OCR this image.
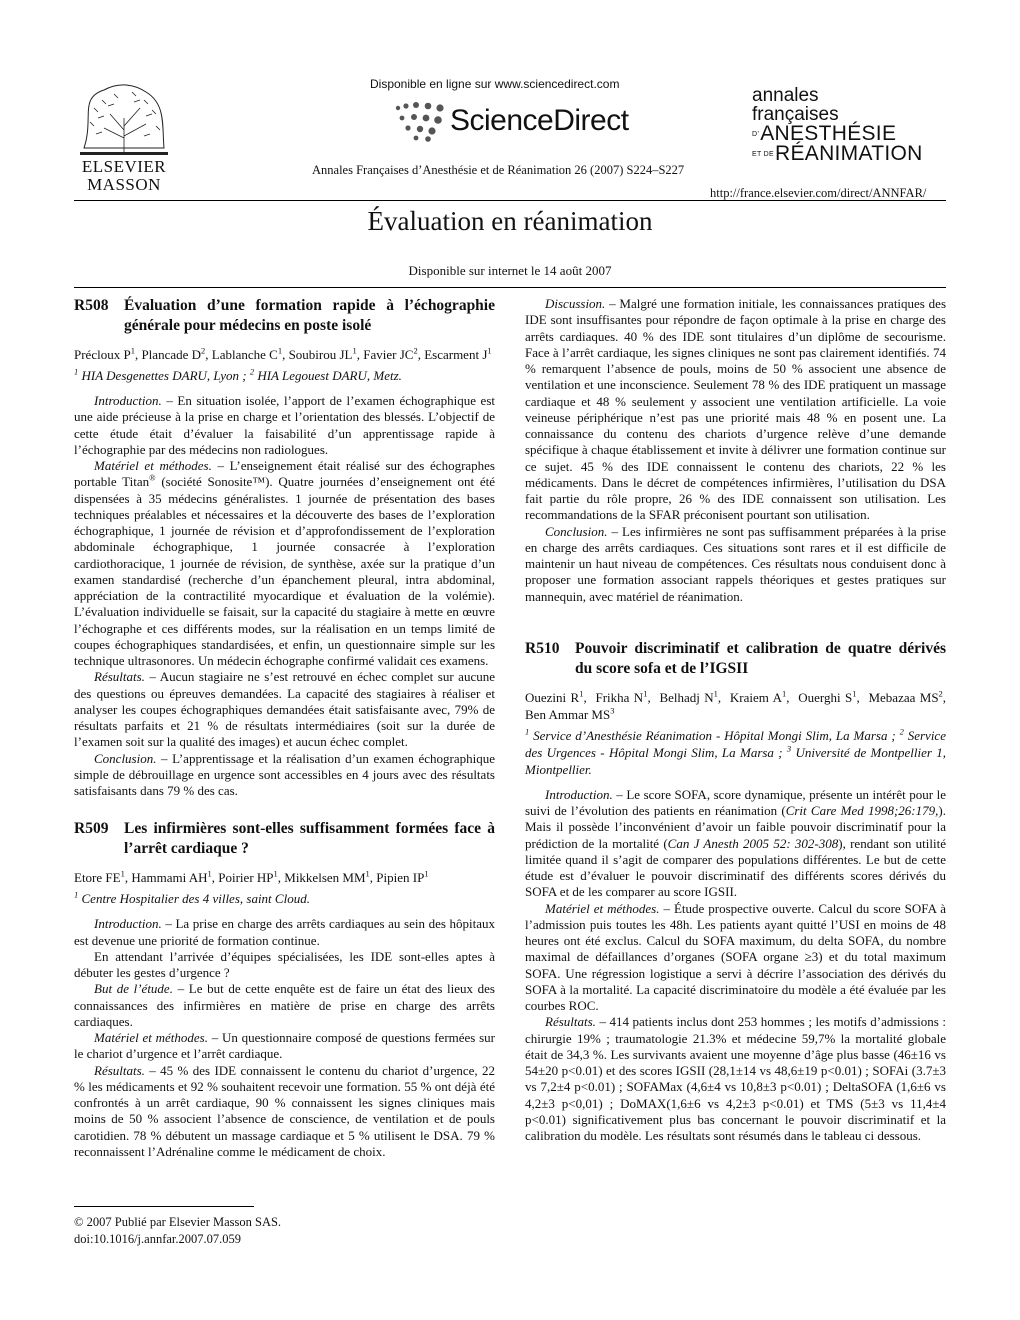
ELSEVIER
MASSON
Disponible en ligne sur www.sciencedirect.com
ScienceDirect
Annales Françaises d’Anesthésie et de Réanimation 26 (2007) S224–S227
annales
françaises
D’ANESTHÉSIE
ET DERÉANIMATION
http://france.elsevier.com/direct/ANNFAR/
Évaluation en réanimation
Disponible sur internet le 14 août 2007
R508	Évaluation d’une formation rapide à l’échographie générale pour médecins en poste isolé
Précloux $P^1$, Plancade $D^2$, Lablanche $C^1$, Soubirou $JL^1$, Favier $JC^2$, Escarment $J^1$
$^1$ HIA Desgenettes DARU, Lyon ; $^2$ HIA Legouest DARU, Metz.

Introduction. – En situation isolée, l’apport de l’examen échographique est une aide précieuse à la prise en charge et l’orientation des blessés. L’objectif de cette étude était d’évaluer la faisabilité d’un apprentissage rapide à l’échographie par des médecins non radiologues.

Matériel et méthodes. – L’enseignement était réalisé sur des échographes portable Titan® (société Sonosite™). Quatre journées d’enseignement ont été dispensées à 35 médecins généralistes. 1 journée de présentation des bases techniques préalables et nécessaires et la découverte des bases de l’exploration échographique, 1 journée de révision et d’approfondissement de l’exploration abdominale échographique, 1 journée consacrée à l’exploration cardiothoracique, 1 journée de révision, de synthèse, axée sur la pratique d’un examen standardisé (recherche d’un épanchement pleural, intra abdominal, appréciation de la contractilité myocardique et évaluation de la volémie). L’évaluation individuelle se faisait, sur la capacité du stagiaire à mette en œuvre l’échographe et ces différents modes, sur la réalisation en un temps limité de coupes échographiques standardisées, et enfin, un questionnaire simple sur les technique ultrasonores. Un médecin échographe confirmé validait ces examens.

Résultats. – Aucun stagiaire ne s’est retrouvé en échec complet sur aucune des questions ou épreuves demandées. La capacité des stagiaires à réaliser et analyser les coupes échographiques demandées était satisfaisante avec, 79% de résultats parfaits et 21 % de résultats intermédiaires (soit sur la durée de l’examen soit sur la qualité des images) et aucun échec complet.

Conclusion. – L’apprentissage et la réalisation d’un examen échographique simple de débrouillage en urgence sont accessibles en 4 jours avec des résultats satisfaisants dans 79 % des cas.

R509	Les infirmières sont-elles suffisamment formées face à l’arrêt cardiaque ?
Etore $FE^1$, Hammami $AH^1$, Poirier $HP^1$, Mikkelsen $MM^1$, Pipien $IP^1$
$^1$ Centre Hospitalier des 4 villes, saint Cloud.

Introduction. – La prise en charge des arrêts cardiaques au sein des hôpitaux est devenue une priorité de formation continue.

En attendant l’arrivée d’équipes spécialisées, les IDE sont-elles aptes à débuter les gestes d’urgence ?

But de l’étude. – Le but de cette enquête est de faire un état des lieux des connaissances des infirmières en matière de prise en charge des arrêts cardiaques.

Matériel et méthodes. – Un questionnaire composé de questions fermées sur le chariot d’urgence et l’arrêt cardiaque.

Résultats. – 45 % des IDE connaissent le contenu du chariot d’urgence, 22 % les médicaments et 92 % souhaitent recevoir une formation. 55 % ont déjà été confrontés à un arrêt cardiaque, 90 % connaissent les signes cliniques mais moins de 50 % associent l’absence de conscience, de ventilation et de pouls carotidien. 78 % débutent un massage cardiaque et 5 % utilisent le DSA. 79 % reconnaissent l’Adrénaline comme le médicament de choix.

Discussion. – Malgré une formation initiale, les connaissances pratiques des IDE sont insuffisantes pour répondre de façon optimale à la prise en charge des arrêts cardiaques. 40 % des IDE sont titulaires d’un diplôme de secourisme. Face à l’arrêt cardiaque, les signes cliniques ne sont pas clairement identifiés. 74 % remarquent l’absence de pouls, moins de 50 % associent une absence de ventilation et une inconscience. Seulement 78 % des IDE pratiquent un massage cardiaque et 48 % seulement y associent une ventilation artificielle. La voie veineuse périphérique n’est pas une priorité mais 48 % en posent une. La connaissance du contenu des chariots d’urgence relève d’une demande spécifique à chaque établissement et invite à délivrer une formation continue sur ce sujet. 45 % des IDE connaissent le contenu des chariots, 22 % les médicaments. Dans le décret de compétences infirmières, l’utilisation du DSA fait partie du rôle propre, 26 % des IDE connaissent son utilisation. Les recommandations de la SFAR préconisent pourtant son utilisation.

Conclusion. – Les infirmières ne sont pas suffisamment préparées à la prise en charge des arrêts cardiaques. Ces situations sont rares et il est difficile de maintenir un haut niveau de compétences. Ces résultats nous conduisent donc à proposer une formation associant rappels théoriques et gestes pratiques sur mannequin, avec matériel de réanimation.

R510	Pouvoir discriminatif et calibration de quatre dérivés du score sofa et de l’IGSII
Ouezini $R^1$,  Frikha $N^1$,  Belhadj $N^1$,  Kraiem $A^1$,  Ouerghi $S^1$,  Mebazaa $MS^2$, Ben Ammar $MS^3$
$^1$ Service d’Anesthésie Réanimation - Hôpital Mongi Slim, La Marsa ; $^2$ Service des Urgences - Hôpital Mongi Slim, La Marsa ; $^3$ Université de Montpellier 1, Miontpellier.

Introduction. – Le score SOFA, score dynamique, présente un intérêt pour le suivi de l’évolution des patients en réanimation (Crit Care Med 1998;26:179,). Mais il possède l’inconvénient d’avoir un faible pouvoir discriminatif pour la prédiction de la mortalité (Can J Anesth 2005 52: 302-308), rendant son utilité limitée quand il s’agit de comparer des populations différentes. Le but de cette étude est d’évaluer le pouvoir discriminatif des différents scores dérivés du SOFA et de les comparer au score IGSII.

Matériel et méthodes. – Étude prospective ouverte. Calcul du score SOFA à l’admission puis toutes les 48h. Les patients ayant quitté l’USI en moins de 48 heures ont été exclus. Calcul du SOFA maximum, du delta SOFA, du nombre maximal de défaillances d’organes (SOFA organe ≥3) et du total maximum SOFA. Une régression logistique a servi à décrire l’association des dérivés du SOFA à la mortalité. La capacité discriminatoire du modèle a été évaluée par les courbes ROC.

Résultats. – 414 patients inclus dont 253 hommes ; les motifs d’admissions : chirurgie 19% ; traumatologie 21.3% et médecine 59,7% la mortalité globale était de 34,3 %. Les survivants avaient une moyenne d’âge plus basse (46±16 vs 54±20 p<0.01) et des scores IGSII (28,1±14 vs 48,6±19 p<0.01) ; SOFAi (3.7±3 vs 7,2±4 p<0.01) ; SOFAMax (4,6±4 vs 10,8±3 p<0.01) ; DeltaSOFA (1,6±6 vs 4,2±3 p<0,01) ; DoMAX(1,6±6 vs 4,2±3 p<0.01) et TMS (5±3 vs 11,4±4 p<0.01) significativement plus bas concernant le pouvoir discriminatif et la calibration du modèle. Les résultats sont résumés dans le tableau ci dessous.

© 2007 Publié par Elsevier Masson SAS.
doi:10.1016/j.annfar.2007.07.059
